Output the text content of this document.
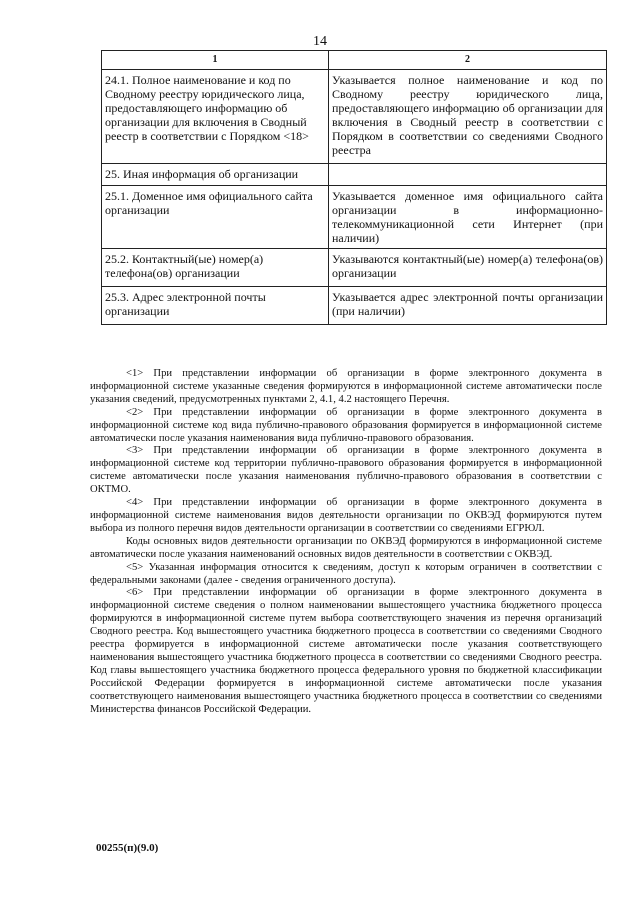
14
1	2
24.1. Полное наименование и код по Сводному реестру юридического лица, предоставляющего информацию об организации для включения в Сводный реестр в соответствии с Порядком <18>	Указывается полное наименование и код по Сводному реестру юридического лица, предоставляющего информацию об организации для включения в Сводный реестр в соответствии с Порядком в соответствии со сведениями Сводного реестра
25. Иная информация об организации	
25.1. Доменное имя официального сайта организации	Указывается доменное имя официального сайта организации в информационно-телекоммуникационной сети Интернет (при наличии)
25.2. Контактный(ые) номер(а) телефона(ов) организации	Указываются контактный(ые) номер(а) телефона(ов) организации
25.3. Адрес электронной почты организации	Указывается адрес электронной почты организации (при наличии)

<1> При представлении информации об организации в форме электронного документа в информационной системе указанные сведения формируются в информационной системе автоматически после указания сведений, предусмотренных пунктами 2, 4.1, 4.2 настоящего Перечня.

<2> При представлении информации об организации в форме электронного документа в информационной системе код вида публично-правового образования формируется в информационной системе автоматически после указания наименования вида публично-правового образования.

<3> При представлении информации об организации в форме электронного документа в информационной системе код территории публично-правового образования формируется в информационной системе автоматически после указания наименования публично-правового образования в соответствии с ОКТМО.

<4> При представлении информации об организации в форме электронного документа в информационной системе наименования видов деятельности организации по ОКВЭД формируются путем выбора из полного перечня видов деятельности организации в соответствии со сведениями ЕГРЮЛ.

Коды основных видов деятельности организации по ОКВЭД формируются в информационной системе автоматически после указания наименований основных видов деятельности в соответствии с ОКВЭД.

<5> Указанная информация относится к сведениям, доступ к которым ограничен в соответствии с федеральными законами (далее - сведения ограниченного доступа).

<6> При представлении информации об организации в форме электронного документа в информационной системе сведения о полном наименовании вышестоящего участника бюджетного процесса формируются в информационной системе путем выбора соответствующего значения из перечня организаций Сводного реестра. Код вышестоящего участника бюджетного процесса в соответствии со сведениями Сводного реестра формируется в информационной системе автоматически после указания соответствующего наименования вышестоящего участника бюджетного процесса в соответствии со сведениями Сводного реестра. Код главы вышестоящего участника бюджетного процесса федерального уровня по бюджетной классификации Российской Федерации формируется в информационной системе автоматически после указания соответствующего наименования вышестоящего участника бюджетного процесса в соответствии со сведениями Министерства финансов Российской Федерации.

00255(п)(9.0)
